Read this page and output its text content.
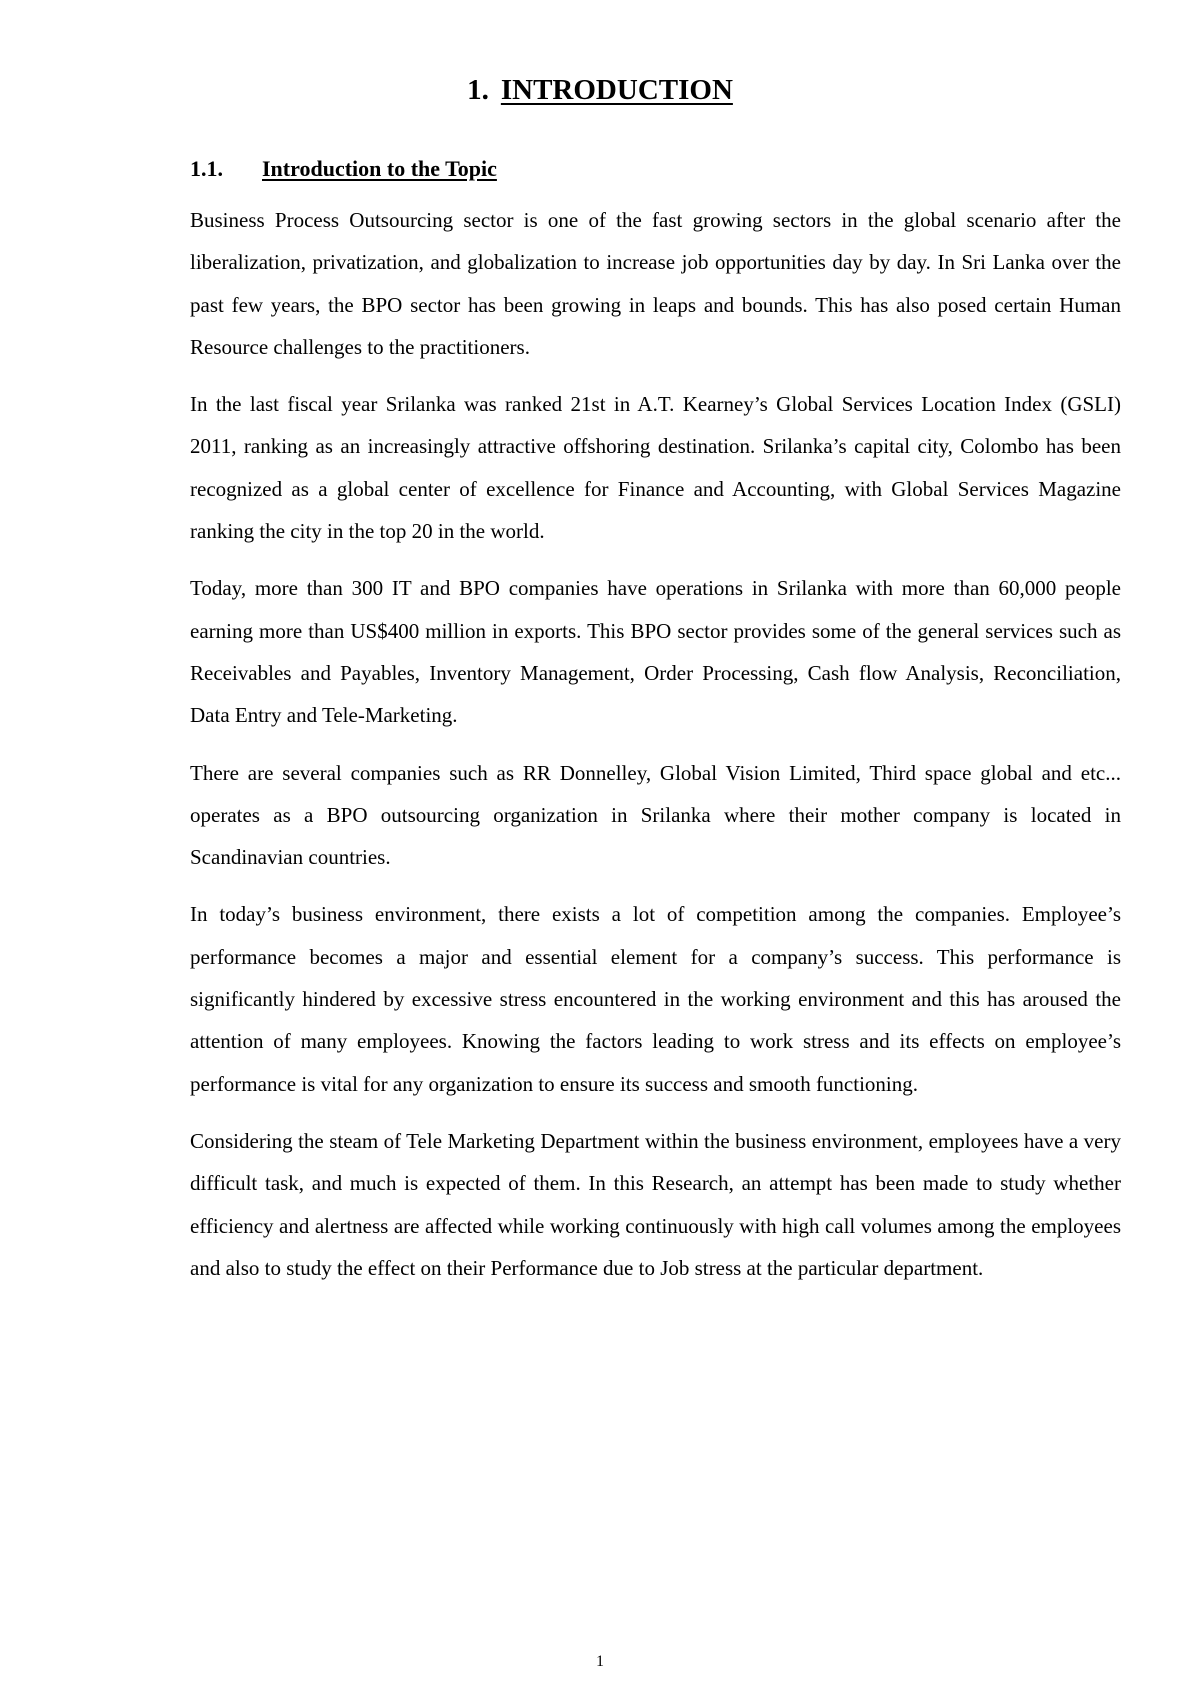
1. INTRODUCTION
1.1. Introduction to the Topic

Business Process Outsourcing sector is one of the fast growing sectors in the global scenario after the liberalization, privatization, and globalization to increase job opportunities day by day. In Sri Lanka over the past few years, the BPO sector has been growing in leaps and bounds. This has also posed certain Human Resource challenges to the practitioners.

In the last fiscal year Srilanka was ranked 21st in A.T. Kearney’s Global Services Location Index (GSLI) 2011, ranking as an increasingly attractive offshoring destination. Srilanka’s capital city, Colombo has been recognized as a global center of excellence for Finance and Accounting, with Global Services Magazine ranking the city in the top 20 in the world.

Today, more than 300 IT and BPO companies have operations in Srilanka with more than 60,000 people earning more than US$400 million in exports. This BPO sector provides some of the general services such as Receivables and Payables, Inventory Management, Order Processing, Cash flow Analysis, Reconciliation, Data Entry and Tele-Marketing.

There are several companies such as RR Donnelley, Global Vision Limited, Third space global and etc... operates as a BPO outsourcing organization in Srilanka where their mother company is located in Scandinavian countries.

In today’s business environment, there exists a lot of competition among the companies. Employee’s performance becomes a major and essential element for a company’s success. This performance is significantly hindered by excessive stress encountered in the working environment and this has aroused the attention of many employees. Knowing the factors leading to work stress and its effects on employee’s performance is vital for any organization to ensure its success and smooth functioning.

Considering the steam of Tele Marketing Department within the business environment, employees have a very difficult task, and much is expected of them. In this Research, an attempt has been made to study whether efficiency and alertness are affected while working continuously with high call volumes among the employees and also to study the effect on their Performance due to Job stress at the particular department.

1
